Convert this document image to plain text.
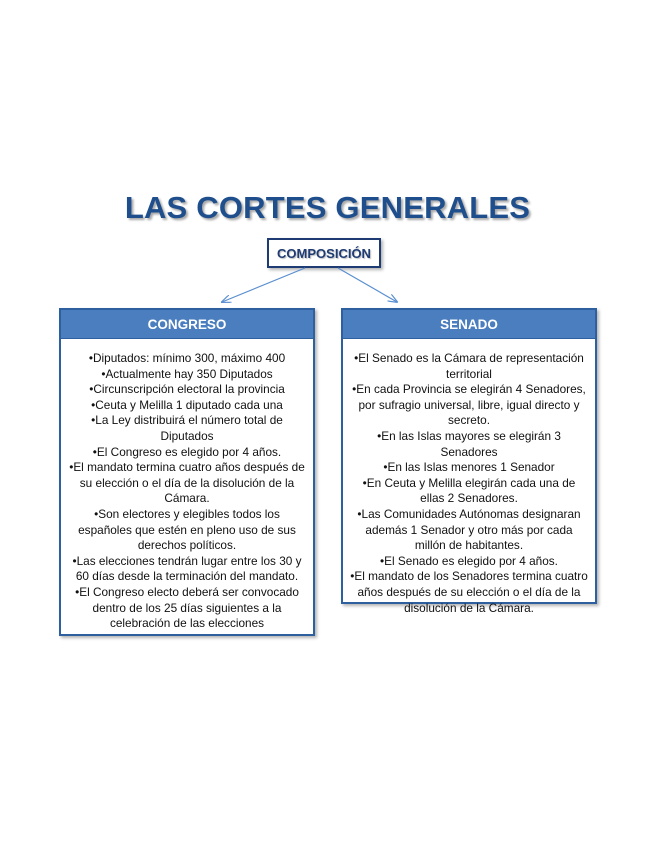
LAS CORTES GENERALES
COMPOSICIÓN
CONGRESO
•Diputados: mínimo 300, máximo 400
•Actualmente hay 350 Diputados
•Circunscripción electoral la provincia
•Ceuta y Melilla 1 diputado cada una
•La Ley distribuirá el número total de Diputados
•El Congreso es elegido por 4 años.
•El mandato termina cuatro años después de su elección o el día de la disolución de la Cámara.
•Son electores y elegibles todos los españoles que estén en pleno uso de sus derechos políticos.
•Las elecciones tendrán lugar entre los 30 y 60 días desde la terminación del mandato.
•El Congreso electo deberá ser convocado dentro de los 25 días siguientes a la celebración de las elecciones
SENADO
•El Senado es la Cámara de representación territorial
•En cada Provincia se elegirán 4 Senadores, por sufragio universal, libre, igual directo y secreto.
•En las Islas mayores se elegirán 3 Senadores
•En las Islas menores 1 Senador
•En Ceuta y Melilla elegirán cada una de ellas 2 Senadores.
•Las Comunidades Autónomas designaran además 1 Senador y otro más por cada millón de habitantes.
•El Senado es elegido por 4 años.
•El mandato de los Senadores termina cuatro años después de su elección o el día de la disolución de la Cámara.
